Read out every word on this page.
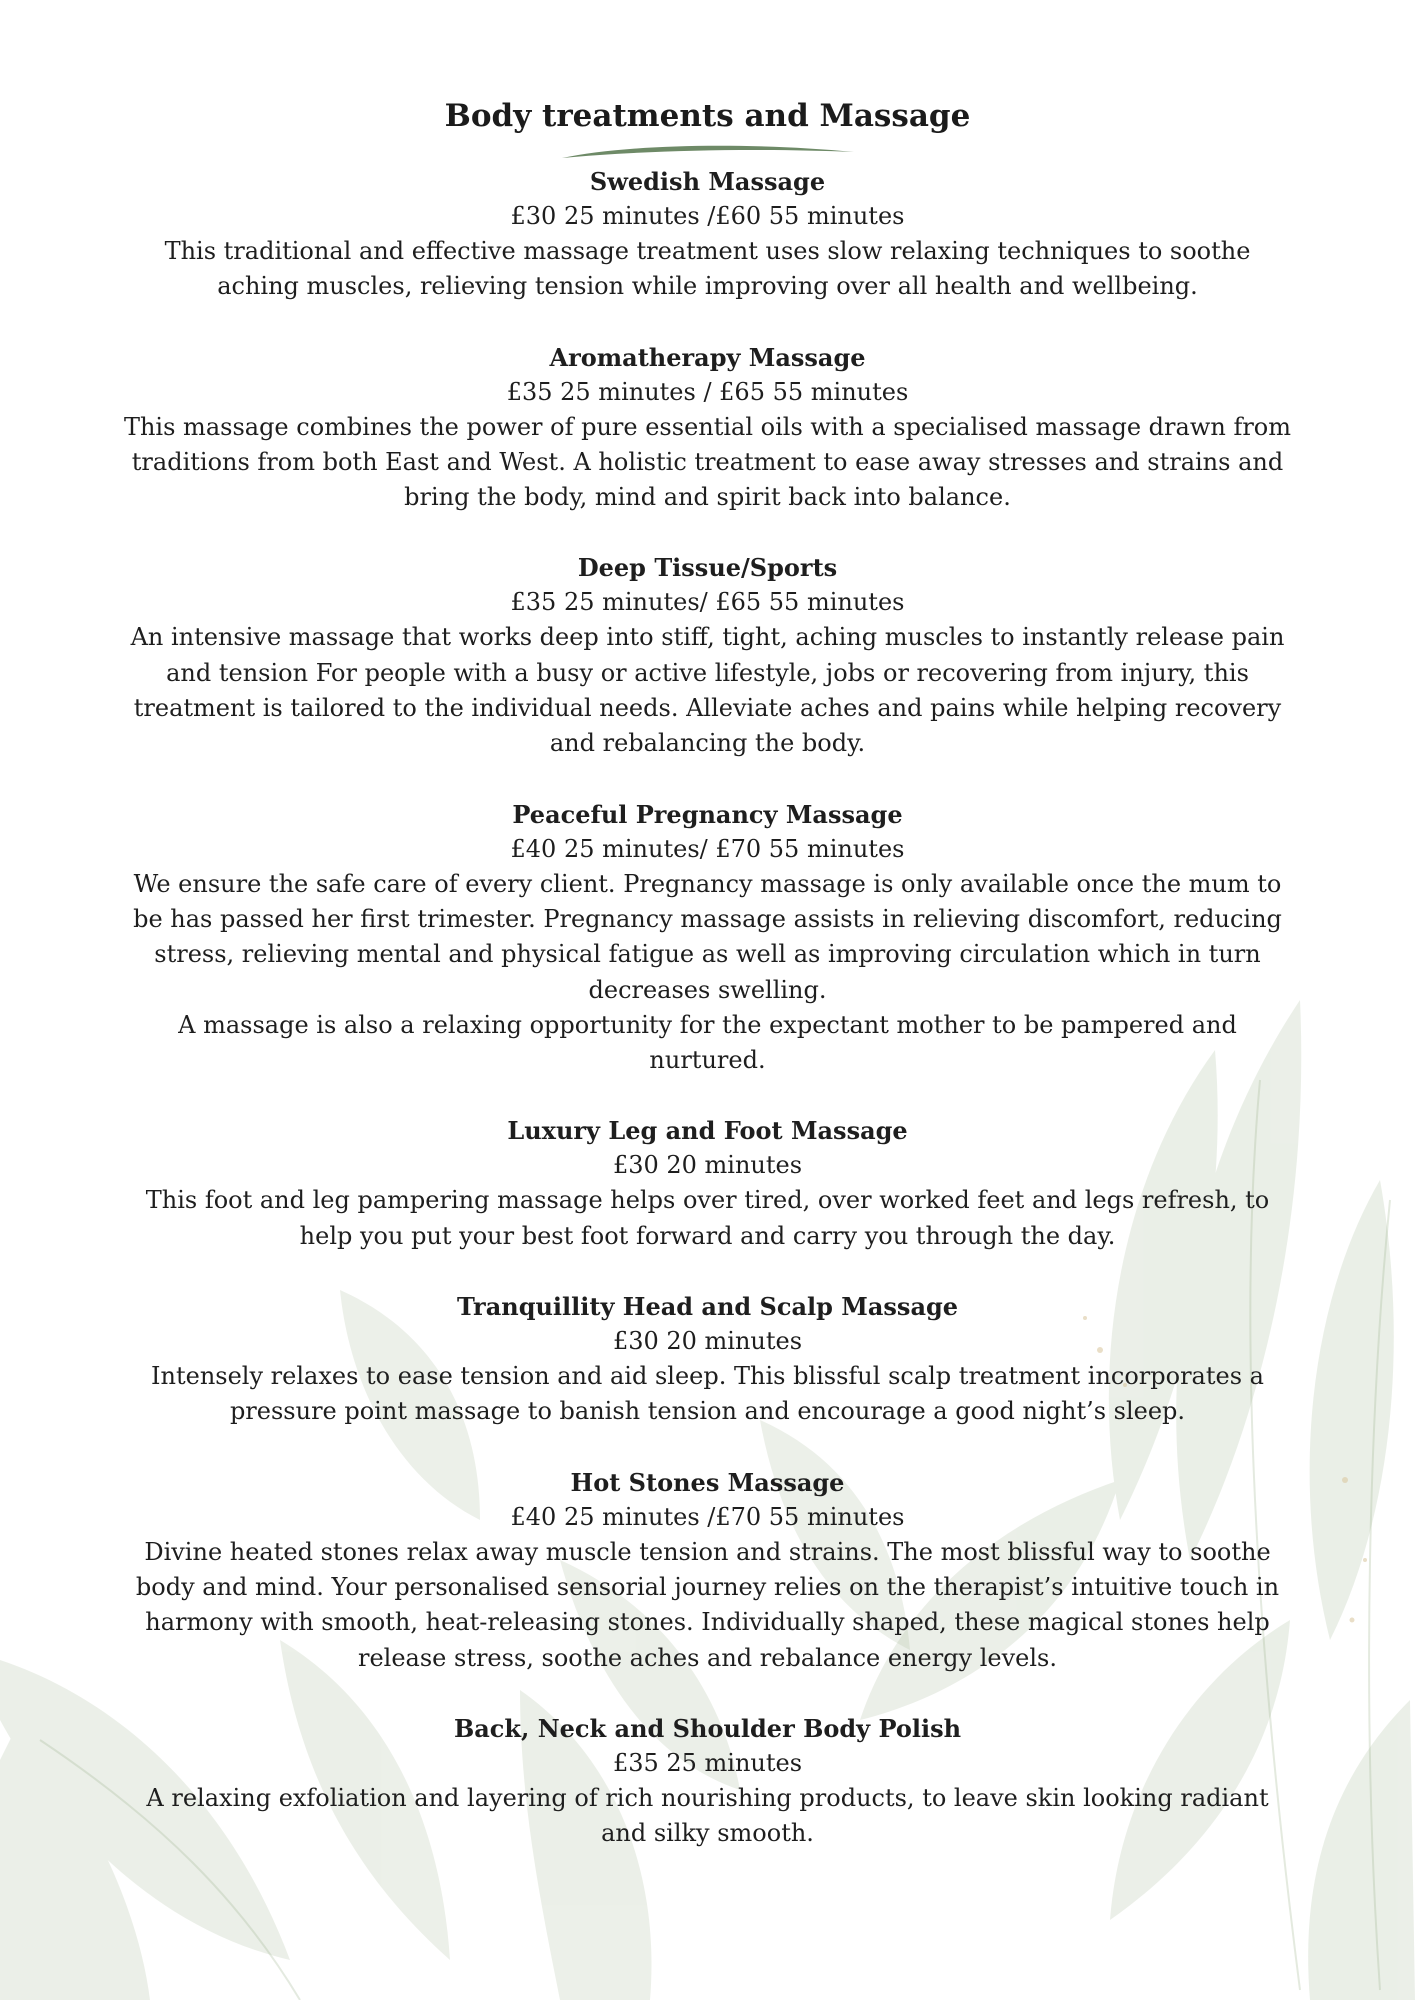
Body treatments and Massage

Swedish Massage

£30 25 minutes /£60 55 minutes

This traditional and effective massage treatment uses slow relaxing techniques to soothe
aching muscles, relieving tension while improving over all health and wellbeing.

Aromatherapy Massage

£35 25 minutes / £65 55 minutes

This massage combines the power of pure essential oils with a specialised massage drawn from
traditions from both East and West. A holistic treatment to ease away stresses and strains and
bring the body, mind and spirit back into balance.

Deep Tissue/Sports

£35 25 minutes/ £65 55 minutes

An intensive massage that works deep into stiff, tight, aching muscles to instantly release pain
and tension For people with a busy or active lifestyle, jobs or recovering from injury, this
treatment is tailored to the individual needs. Alleviate aches and pains while helping recovery
and rebalancing the body.

Peaceful Pregnancy Massage

£40 25 minutes/ £70 55 minutes

We ensure the safe care of every client. Pregnancy massage is only available once the mum to
be has passed her first trimester. Pregnancy massage assists in relieving discomfort, reducing
stress, relieving mental and physical fatigue as well as improving circulation which in turn
decreases swelling.
A massage is also a relaxing opportunity for the expectant mother to be pampered and
nurtured.

Luxury Leg and Foot Massage

£30 20 minutes

This foot and leg pampering massage helps over tired, over worked feet and legs refresh, to
help you put your best foot forward and carry you through the day.

Tranquillity Head and Scalp Massage

£30 20 minutes

Intensely relaxes to ease tension and aid sleep. This blissful scalp treatment incorporates a
pressure point massage to banish tension and encourage a good night’s sleep.

Hot Stones Massage

£40 25 minutes /£70 55 minutes

Divine heated stones relax away muscle tension and strains. The most blissful way to soothe
body and mind. Your personalised sensorial journey relies on the therapist’s intuitive touch in
harmony with smooth, heat-releasing stones. Individually shaped, these magical stones help
release stress, soothe aches and rebalance energy levels.

Back, Neck and Shoulder Body Polish

£35 25 minutes

A relaxing exfoliation and layering of rich nourishing products, to leave skin looking radiant
and silky smooth.
